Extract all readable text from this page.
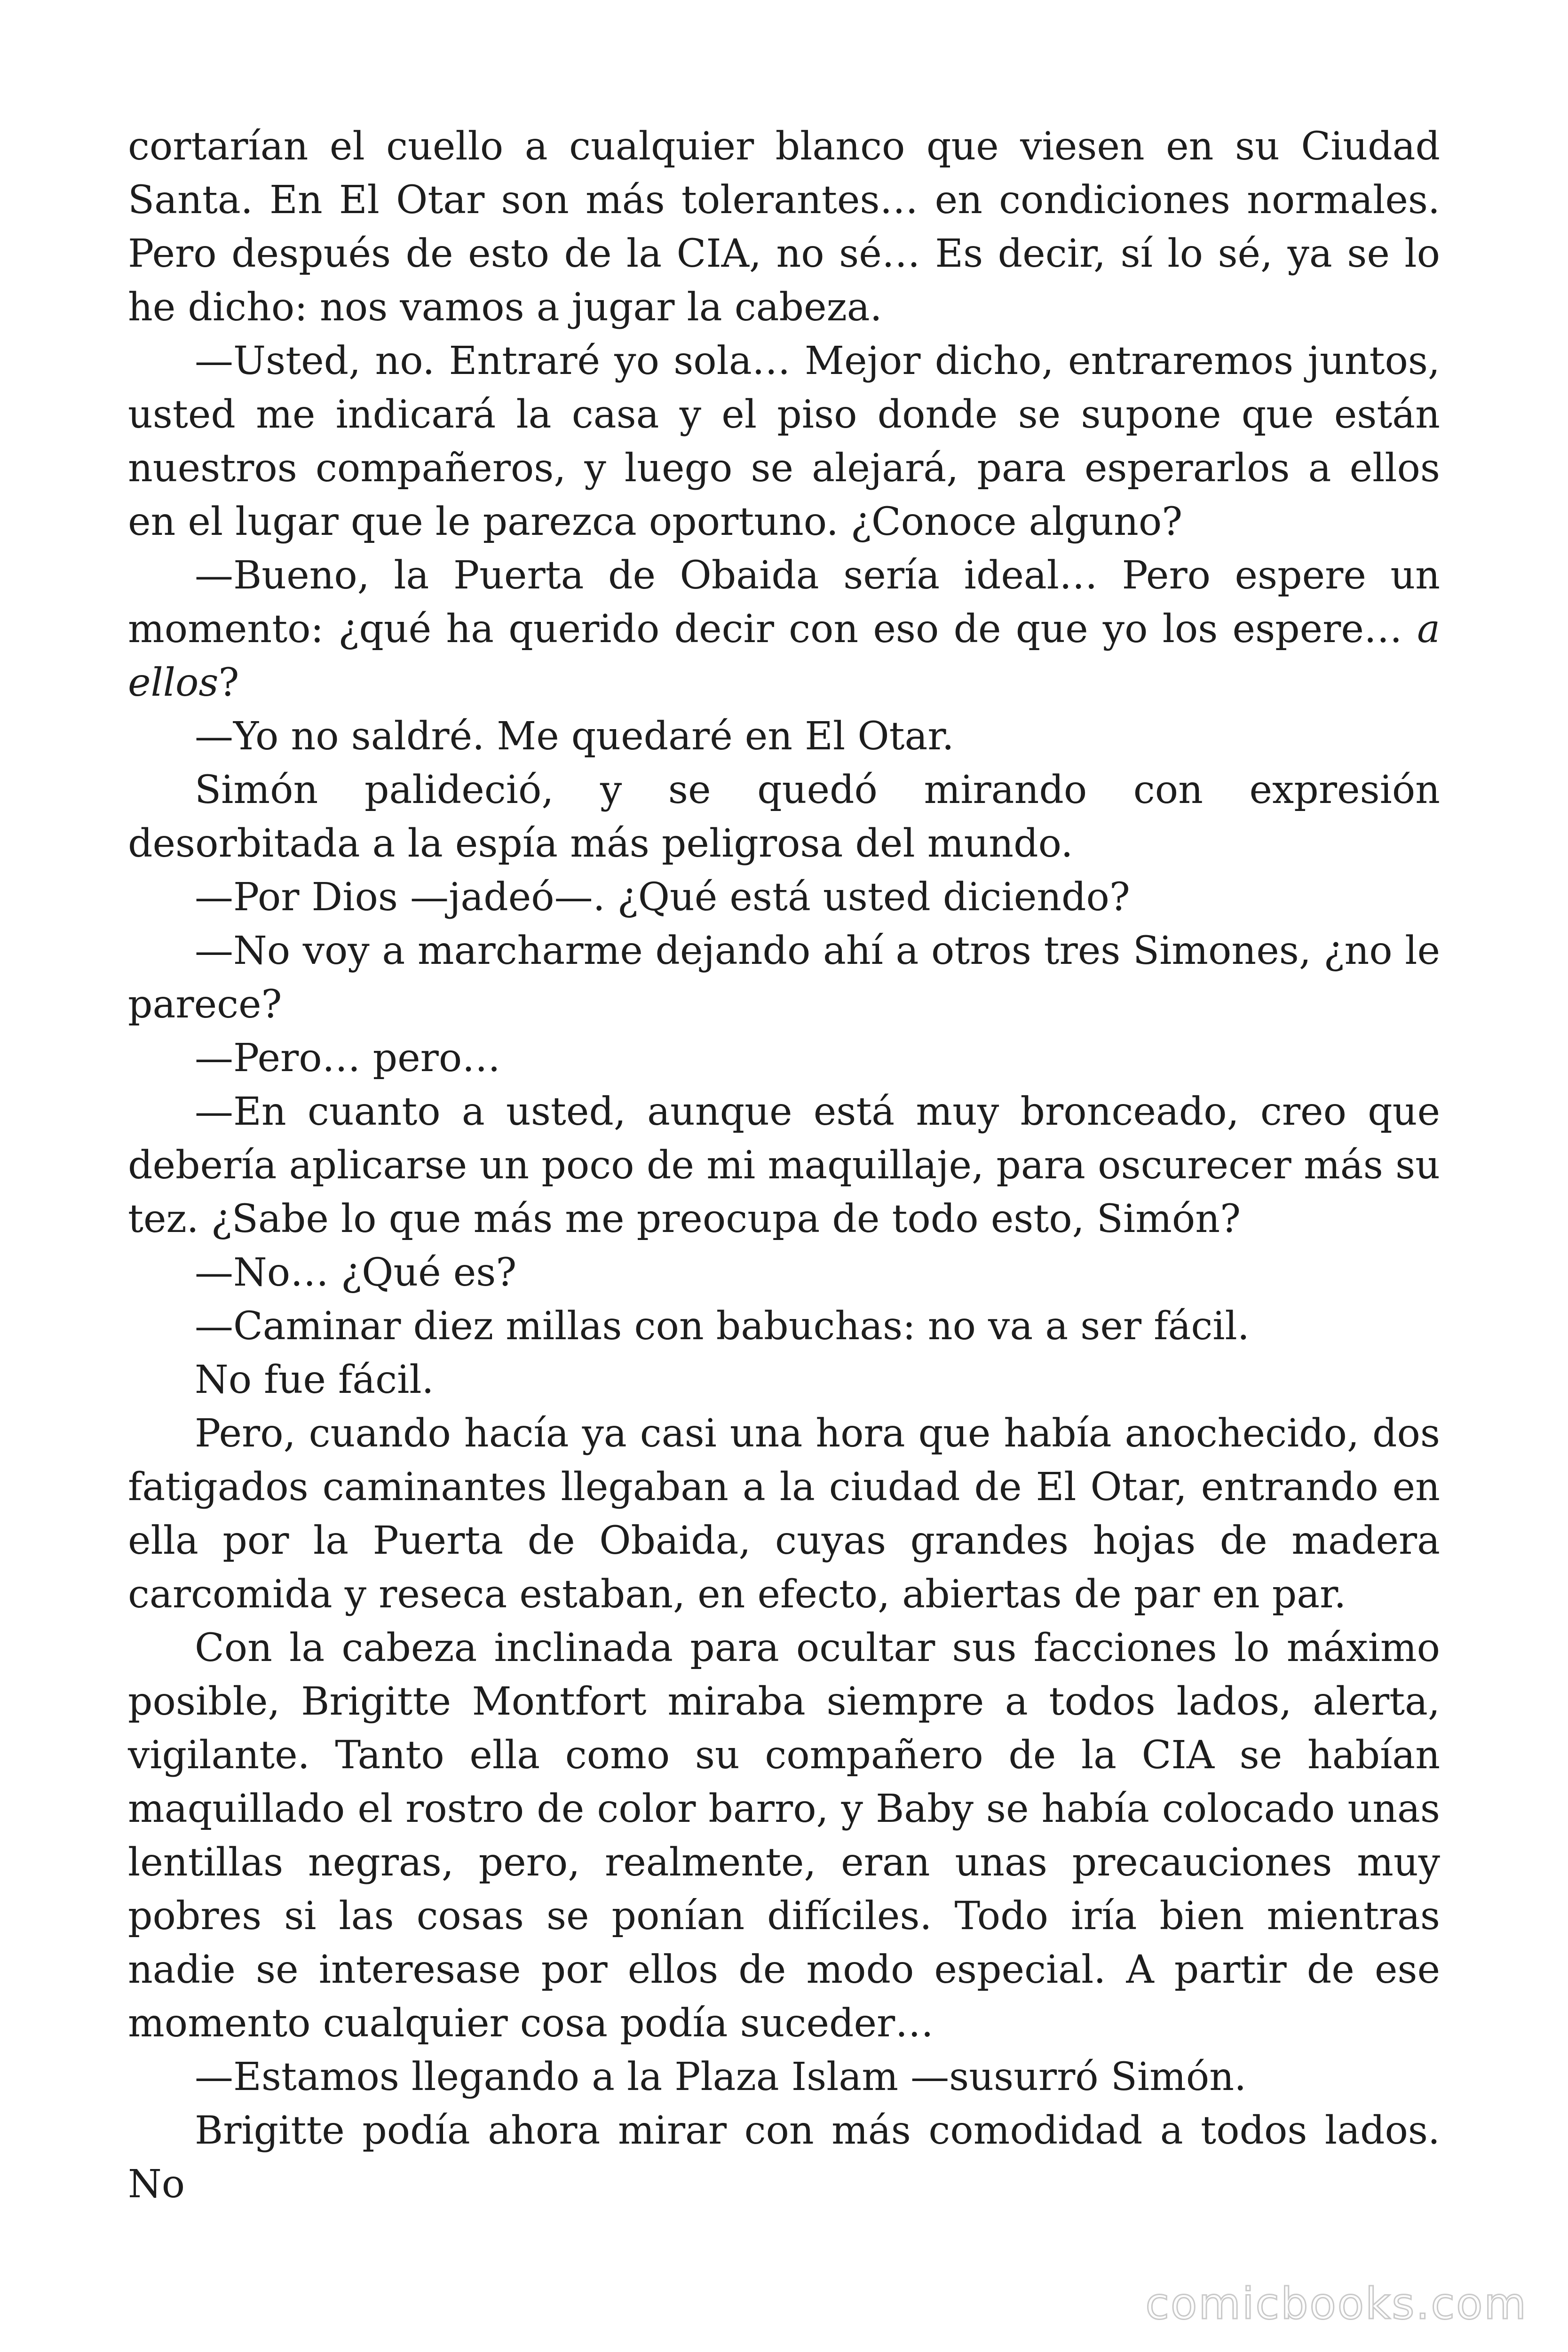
cortarían el cuello a cualquier blanco que viesen en su Ciudad Santa. En El Otar son más tolerantes… en condiciones normales. Pero después de esto de la CIA, no sé… Es decir, sí lo sé, ya se lo he dicho: nos vamos a jugar la cabeza.

—Usted, no. Entraré yo sola… Mejor dicho, entraremos juntos, usted me indicará la casa y el piso donde se supone que están nuestros compañeros, y luego se alejará, para esperarlos a ellos en el lugar que le parezca oportuno. ¿Conoce alguno?

—Bueno, la Puerta de Obaida sería ideal… Pero espere un momento: ¿qué ha querido decir con eso de que yo los espere… a ellos?

—Yo no saldré. Me quedaré en El Otar.

Simón palideció, y se quedó mirando con expresión desorbitada a la espía más peligrosa del mundo.

—Por Dios —jadeó—. ¿Qué está usted diciendo?

—No voy a marcharme dejando ahí a otros tres Simones, ¿no le parece?

—Pero… pero…

—En cuanto a usted, aunque está muy bronceado, creo que debería aplicarse un poco de mi maquillaje, para oscurecer más su tez. ¿Sabe lo que más me preocupa de todo esto, Simón?

—No… ¿Qué es?

—Caminar diez millas con babuchas: no va a ser fácil.

No fue fácil.

Pero, cuando hacía ya casi una hora que había anochecido, dos fatigados caminantes llegaban a la ciudad de El Otar, entrando en ella por la Puerta de Obaida, cuyas grandes hojas de madera carcomida y reseca estaban, en efecto, abiertas de par en par.

Con la cabeza inclinada para ocultar sus facciones lo máximo posible, Brigitte Montfort miraba siempre a todos lados, alerta, vigilante. Tanto ella como su compañero de la CIA se habían maquillado el rostro de color barro, y Baby se había colocado unas lentillas negras, pero, realmente, eran unas precauciones muy pobres si las cosas se ponían difíciles. Todo iría bien mientras nadie se interesase por ellos de modo especial. A partir de ese momento cualquier cosa podía suceder…

—Estamos llegando a la Plaza Islam —susurró Simón.

Brigitte podía ahora mirar con más comodidad a todos lados. No

comicbooks.com
